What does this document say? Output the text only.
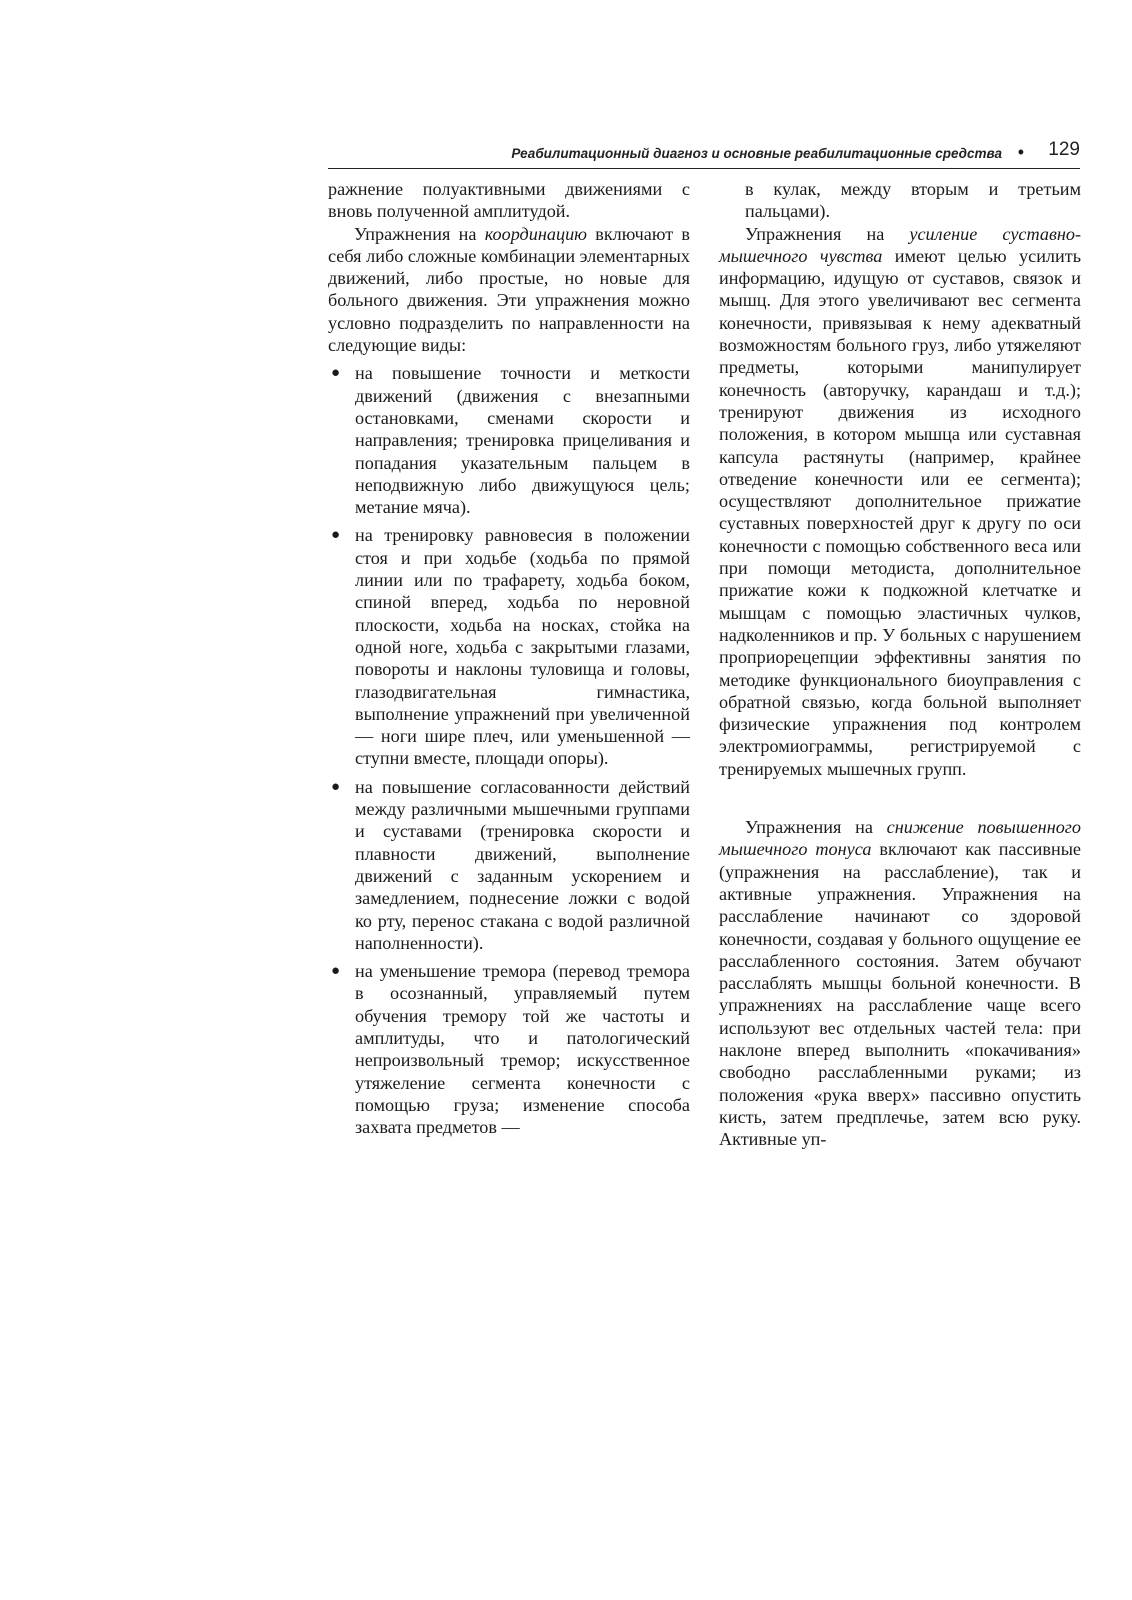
Реабилитационный диагноз и основные реабилитационные средства • 129

ражнение полуактивными движениями с вновь полученной амплитудой.

Упражнения на координацию включают в себя либо сложные комбинации элементарных движений, либо простые, но новые для больного движения. Эти упражнения можно условно подразделить по направленности на следующие виды:

● на повышение точности и меткости движений (движения с внезапными остановками, сменами скорости и направления; тренировка прицеливания и попадания указательным пальцем в неподвижную либо движущуюся цель; метание мяча).
● на тренировку равновесия в положении стоя и при ходьбе (ходьба по прямой линии или по трафарету, ходьба боком, спиной вперед, ходьба по неровной плоскости, ходьба на носках, стойка на одной ноге, ходьба с закрытыми глазами, повороты и наклоны туловища и головы, глазодвигательная гимнастика, выполнение упражнений при увеличенной — ноги шире плеч, или уменьшенной — ступни вместе, площади опоры).
● на повышение согласованности действий между различными мышечными группами и суставами (тренировка скорости и плавности движений, выполнение движений с заданным ускорением и замедлением, поднесение ложки с водой ко рту, перенос стакана с водой различной наполненности).
● на уменьшение тремора (перевод тремора в осознанный, управляемый путем обучения тремору той же частоты и амплитуды, что и патологический непроизвольный тремор; искусственное утяжеление сегмента конечности с помощью груза; изменение способа захвата предметов —

в кулак, между вторым и третьим пальцами).

Упражнения на усиление суставно-мышечного чувства имеют целью усилить информацию, идущую от суставов, связок и мышц. Для этого увеличивают вес сегмента конечности, привязывая к нему адекватный возможностям больного груз, либо утяжеляют предметы, которыми манипулирует конечность (авторучку, карандаш и т.д.); тренируют движения из исходного положения, в котором мышца или суставная капсула растянуты (например, крайнее отведение конечности или ее сегмента); осуществляют дополнительное прижатие суставных поверхностей друг к другу по оси конечности с помощью собственного веса или при помощи методиста, дополнительное прижатие кожи к подкожной клетчатке и мышцам с помощью эластичных чулков, надколенников и пр. У больных с нарушением проприорецепции эффективны занятия по методике функционального биоуправления с обратной связью, когда больной выполняет физические упражнения под контролем электромиограммы, регистрируемой с тренируемых мышечных групп.

Упражнения на снижение повышенного мышечного тонуса включают как пассивные (упражнения на расслабление), так и активные упражнения. Упражнения на расслабление начинают со здоровой конечности, создавая у больного ощущение ее расслабленного состояния. Затем обучают расслаблять мышцы больной конечности. В упражнениях на расслабление чаще всего используют вес отдельных частей тела: при наклоне вперед выполнить «покачивания» свободно расслабленными руками; из положения «рука вверх» пассивно опустить кисть, затем предплечье, затем всю руку. Активные уп-
